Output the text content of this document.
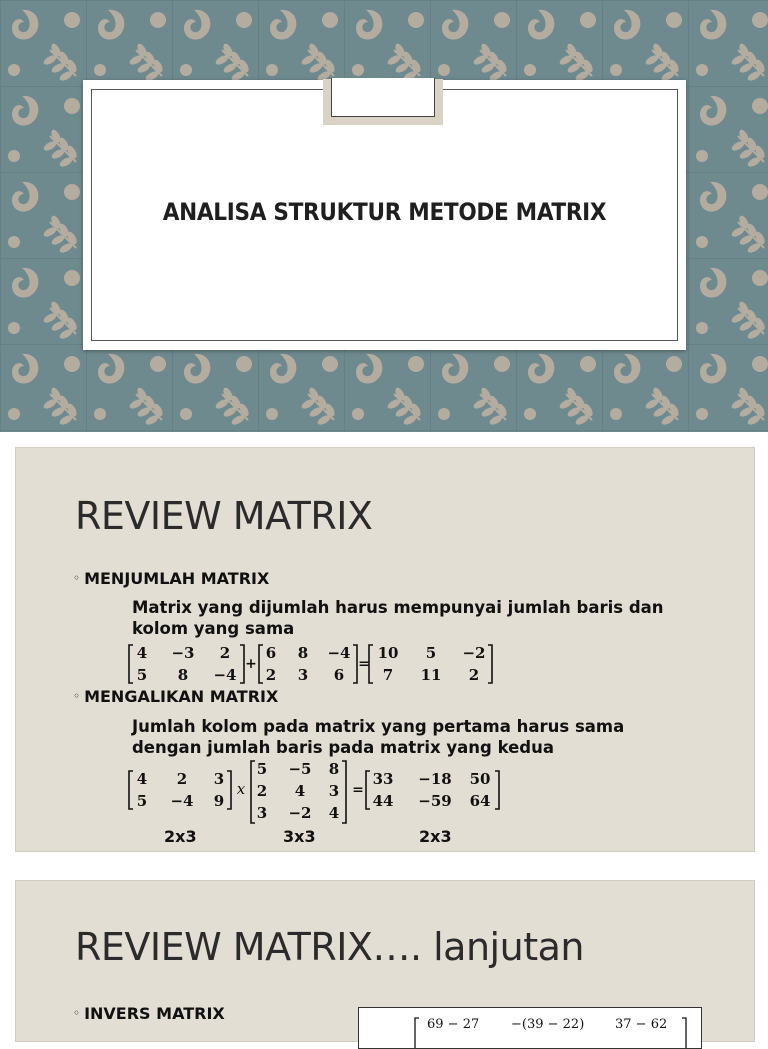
ANALISA STRUKTUR METODE MATRIX
REVIEW MATRIX
◦ MENJUMLAH MATRIX
Matrix yang dijumlah harus mempunyai jumlah baris dan
kolom yang sama
4 −3 2
5 8 −4
+
6 8 −4
2 3 6
=
10 5 −2
7 11 2
◦ MENGALIKAN MATRIX
Jumlah kolom pada matrix yang pertama harus sama
dengan jumlah baris pada matrix yang kedua
4 2 3
5 −4 9
x
5 −5 8
2 4 3
3 −2 4
=
33 −18 50
44 −59 64
2x3	3x3	2x3
REVIEW MATRIX…. lanjutan
◦ INVERS MATRIX
69 − 27 −(39 − 22) 37 − 62
